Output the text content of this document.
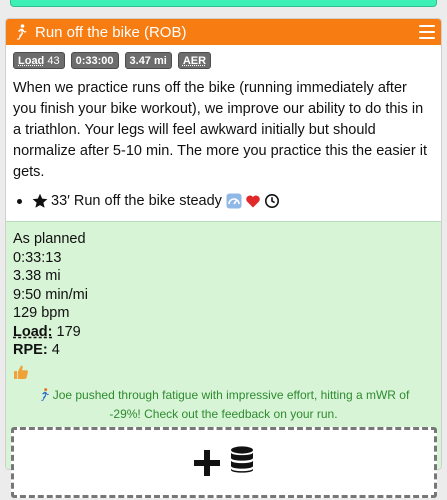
Run off the bike (ROB)
Load 43	0:33:00	3.47 mi	AER

When we practice runs off the bike (running immediately after you finish your bike workout), we improve our ability to do this in a triathlon. Your legs will feel awkward initially but should normalize after 5-10 min. The more you practice this the easier it gets.

33′ Run off the bike steady
As planned
0:33:13
3.38 mi
9:50 min/mi
129 bpm
Load: 179
RPE: 4

Joe pushed through fatigue with impressive effort, hitting a mWR of -29%! Check out the feedback on your run.
